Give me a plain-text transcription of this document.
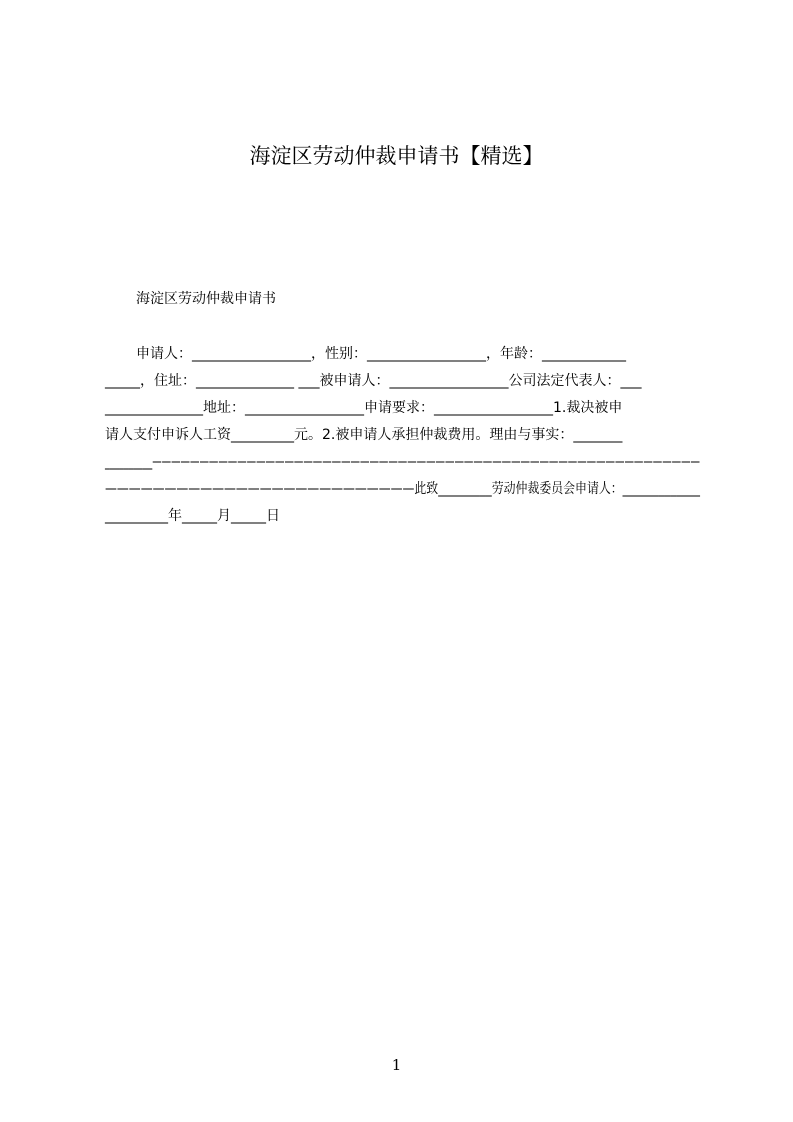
海淀区劳动仲裁申请书【精选】
海淀区劳动仲裁申请书
申请人：_________________，性别：_________________，年龄：____________
_____，住址：______________ ___被申请人：_________________公司法定代表人：___
______________地址：_________________申请要求：_________________1.裁决被申
请人支付申诉人工资_________元。2.被申请人承担仲裁费用。理由与事实：_______
__________——————————————————————————————————————————————————————————
——————————————————————————此致_________劳动仲裁委员会申请人：_____________
_________年_____月_____日
1
